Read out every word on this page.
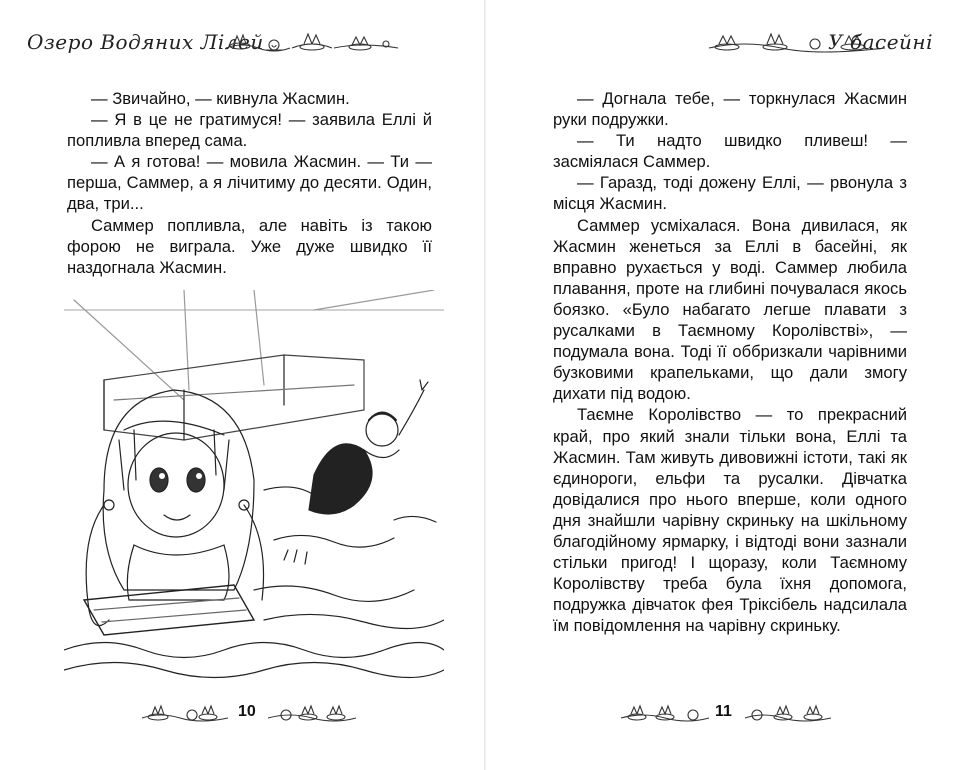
Озеро Водяних Лілей

— Звичайно, — кивнула Жасмин.

— Я в це не гратимуся! — заявила Еллі й попливла вперед сама.

— А я готова! — мовила Жасмин. — Ти — перша, Саммер, а я лічитиму до десяти. Один, два, три...

Саммер попливла, але навіть із такою форою не виграла. Уже дуже швидко її наздогнала Жасмин.

10
У басейні

— Догнала тебе, — торкнулася Жасмин руки подружки.

— Ти надто швидко пливеш! — засміялася Саммер.

— Гаразд, тоді дожену Еллі, — рвонула з місця Жасмин.

Саммер усміхалася. Вона дивилася, як Жасмин женеться за Еллі в басейні, як вправно рухається у воді. Саммер любила плавання, проте на глибині почувалася якось боязко. «Було набагато легше плавати з русалками в Таємному Королівстві», — подумала вона. Тоді її оббризкали чарівними бузковими крапельками, що дали змогу дихати під водою.

Таємне Королівство — то прекрасний край, про який знали тільки вона, Еллі та Жасмин. Там живуть дивовижні істоти, такі як єдинороги, ельфи та русалки. Дівчатка довідалися про нього вперше, коли одного дня знайшли чарівну скриньку на шкільному благодійному ярмарку, і відтоді вони зазнали стільки пригод! І щоразу, коли Таємному Королівству треба була їхня допомога, подружка дівчаток фея Тріксібель надсилала їм повідомлення на чарівну скриньку.

11
